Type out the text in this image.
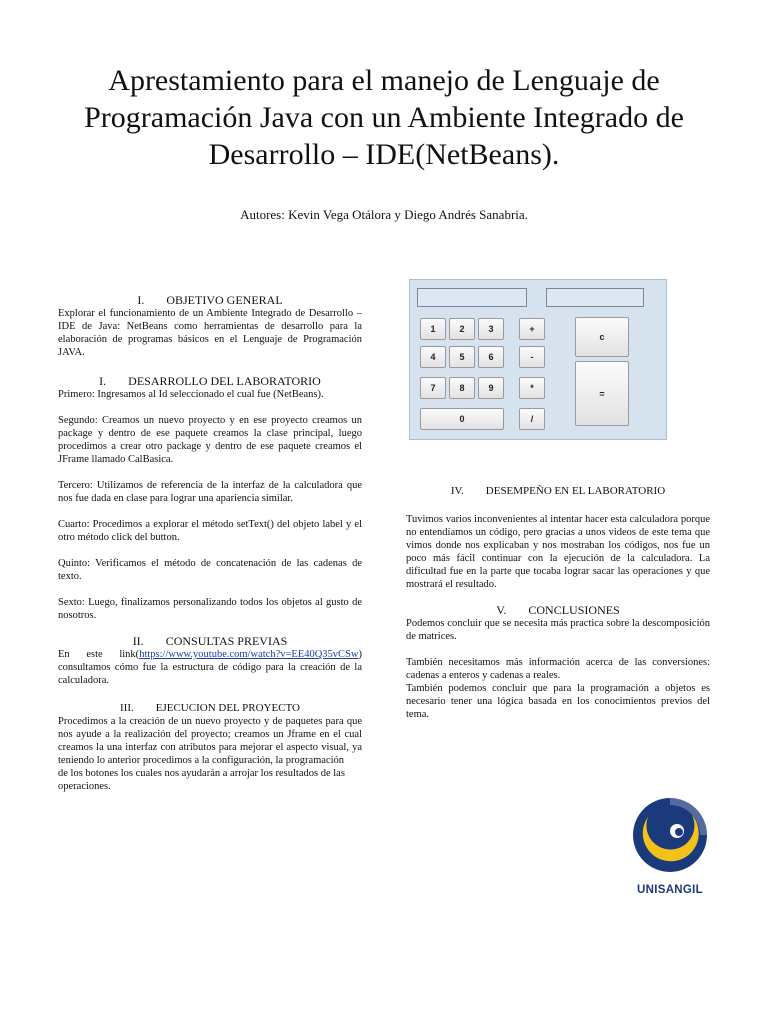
Aprestamiento para el manejo de Lenguaje de Programación Java con un Ambiente Integrado de Desarrollo – IDE(NetBeans).
Autores: Kevin Vega Otálora y Diego Andrés Sanabria.
I. OBJETIVO GENERAL

Explorar el funcionamiento de un Ambiente Integrado de Desarrollo – IDE de Java: NetBeans como herramientas de desarrollo para la elaboración de programas básicos en el Lenguaje de Programación JAVA.

I. DESARROLLO DEL LABORATORIO

Primero: Ingresamos al Id seleccionado el cual fue (NetBeans).

Segundo: Creamos un nuevo proyecto y en ese proyecto creamos un package y dentro de ese paquete creamos la clase principal, luego procedimos a crear otro package y dentro de ese paquete creamos el JFrame llamado CalBasica.

Tercero: Utilizamos de referencia de la interfaz de la calculadora que nos fue dada en clase para lograr una apariencia similar.

Cuarto: Procedimos a explorar el método setText() del objeto label y el otro método click del button.

Quinto: Verificamos el método de concatenación de las cadenas de texto.

Sexto: Luego, finalizamos personalizando todos los objetos al gusto de nosotros.

II. CONSULTAS PREVIAS

En este link(https://www.youtube.com/watch?v=EE40Q35vCSw) consultamos cómo fue la estructura de código para la creación de la calculadora.

III. EJECUCION DEL PROYECTO

Procedimos a la creación de un nuevo proyecto y de paquetes para que nos ayude a la realización del proyecto; creamos un Jframe en el cual creamos la una interfaz con atributos para mejorar el aspecto visual, ya teniendo lo anterior procedimos a la configuración, la programación

de los botones los cuales nos ayudarán a arrojar los resultados de las operaciones.

1	2	3	+
4	5	6	-
7	8	9	*
0	/
c
=
IV. DESEMPEÑO EN EL LABORATORIO

Tuvimos varios inconvenientes al intentar hacer esta calculadora porque no entendíamos un código, pero gracias a unos videos de este tema que vimos donde nos explicaban y nos mostraban los códigos, nos fue un poco más fácil continuar con la ejecución de la calculadora. La dificultad fue en la parte que tocaba lograr sacar las operaciones y que mostrará el resultado.

V. CONCLUSIONES

Podemos concluir que se necesita más practica sobre la descomposición de matrices.

También necesitamos más información acerca de las conversiones: cadenas a enteros y cadenas a reales.

También podemos concluir que para la programación a objetos es necesario tener una lógica basada en los conocimientos previos del tema.

UNISANGIL
